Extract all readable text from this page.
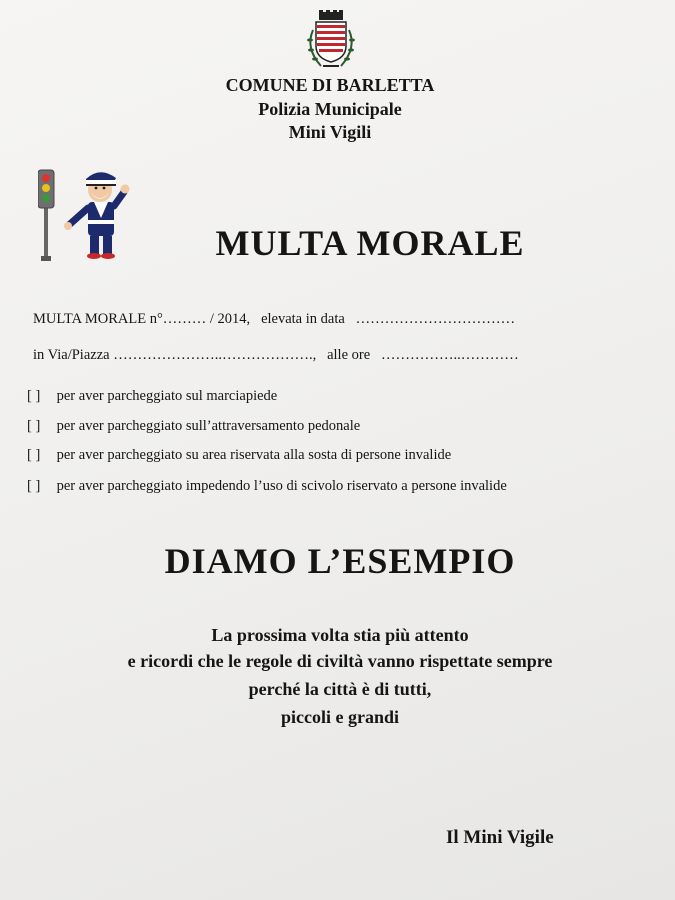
COMUNE DI BARLETTA
Polizia Municipale
Mini Vigili
MULTA MORALE
MULTA MORALE n°……… / 2014, elevata in data ……………………………
in Via/Piazza …………………..………………., alle ore ……………..…………
[ ] per aver parcheggiato sul marciapiede
[ ] per aver parcheggiato sull’attraversamento pedonale
[ ] per aver parcheggiato su area riservata alla sosta di persone invalide
[ ] per aver parcheggiato impedendo l’uso di scivolo riservato a persone invalide
DIAMO L’ESEMPIO
La prossima volta stia più attento
e ricordi che le regole di civiltà vanno rispettate sempre
perché la città è di tutti,
piccoli e grandi
Il Mini Vigile
